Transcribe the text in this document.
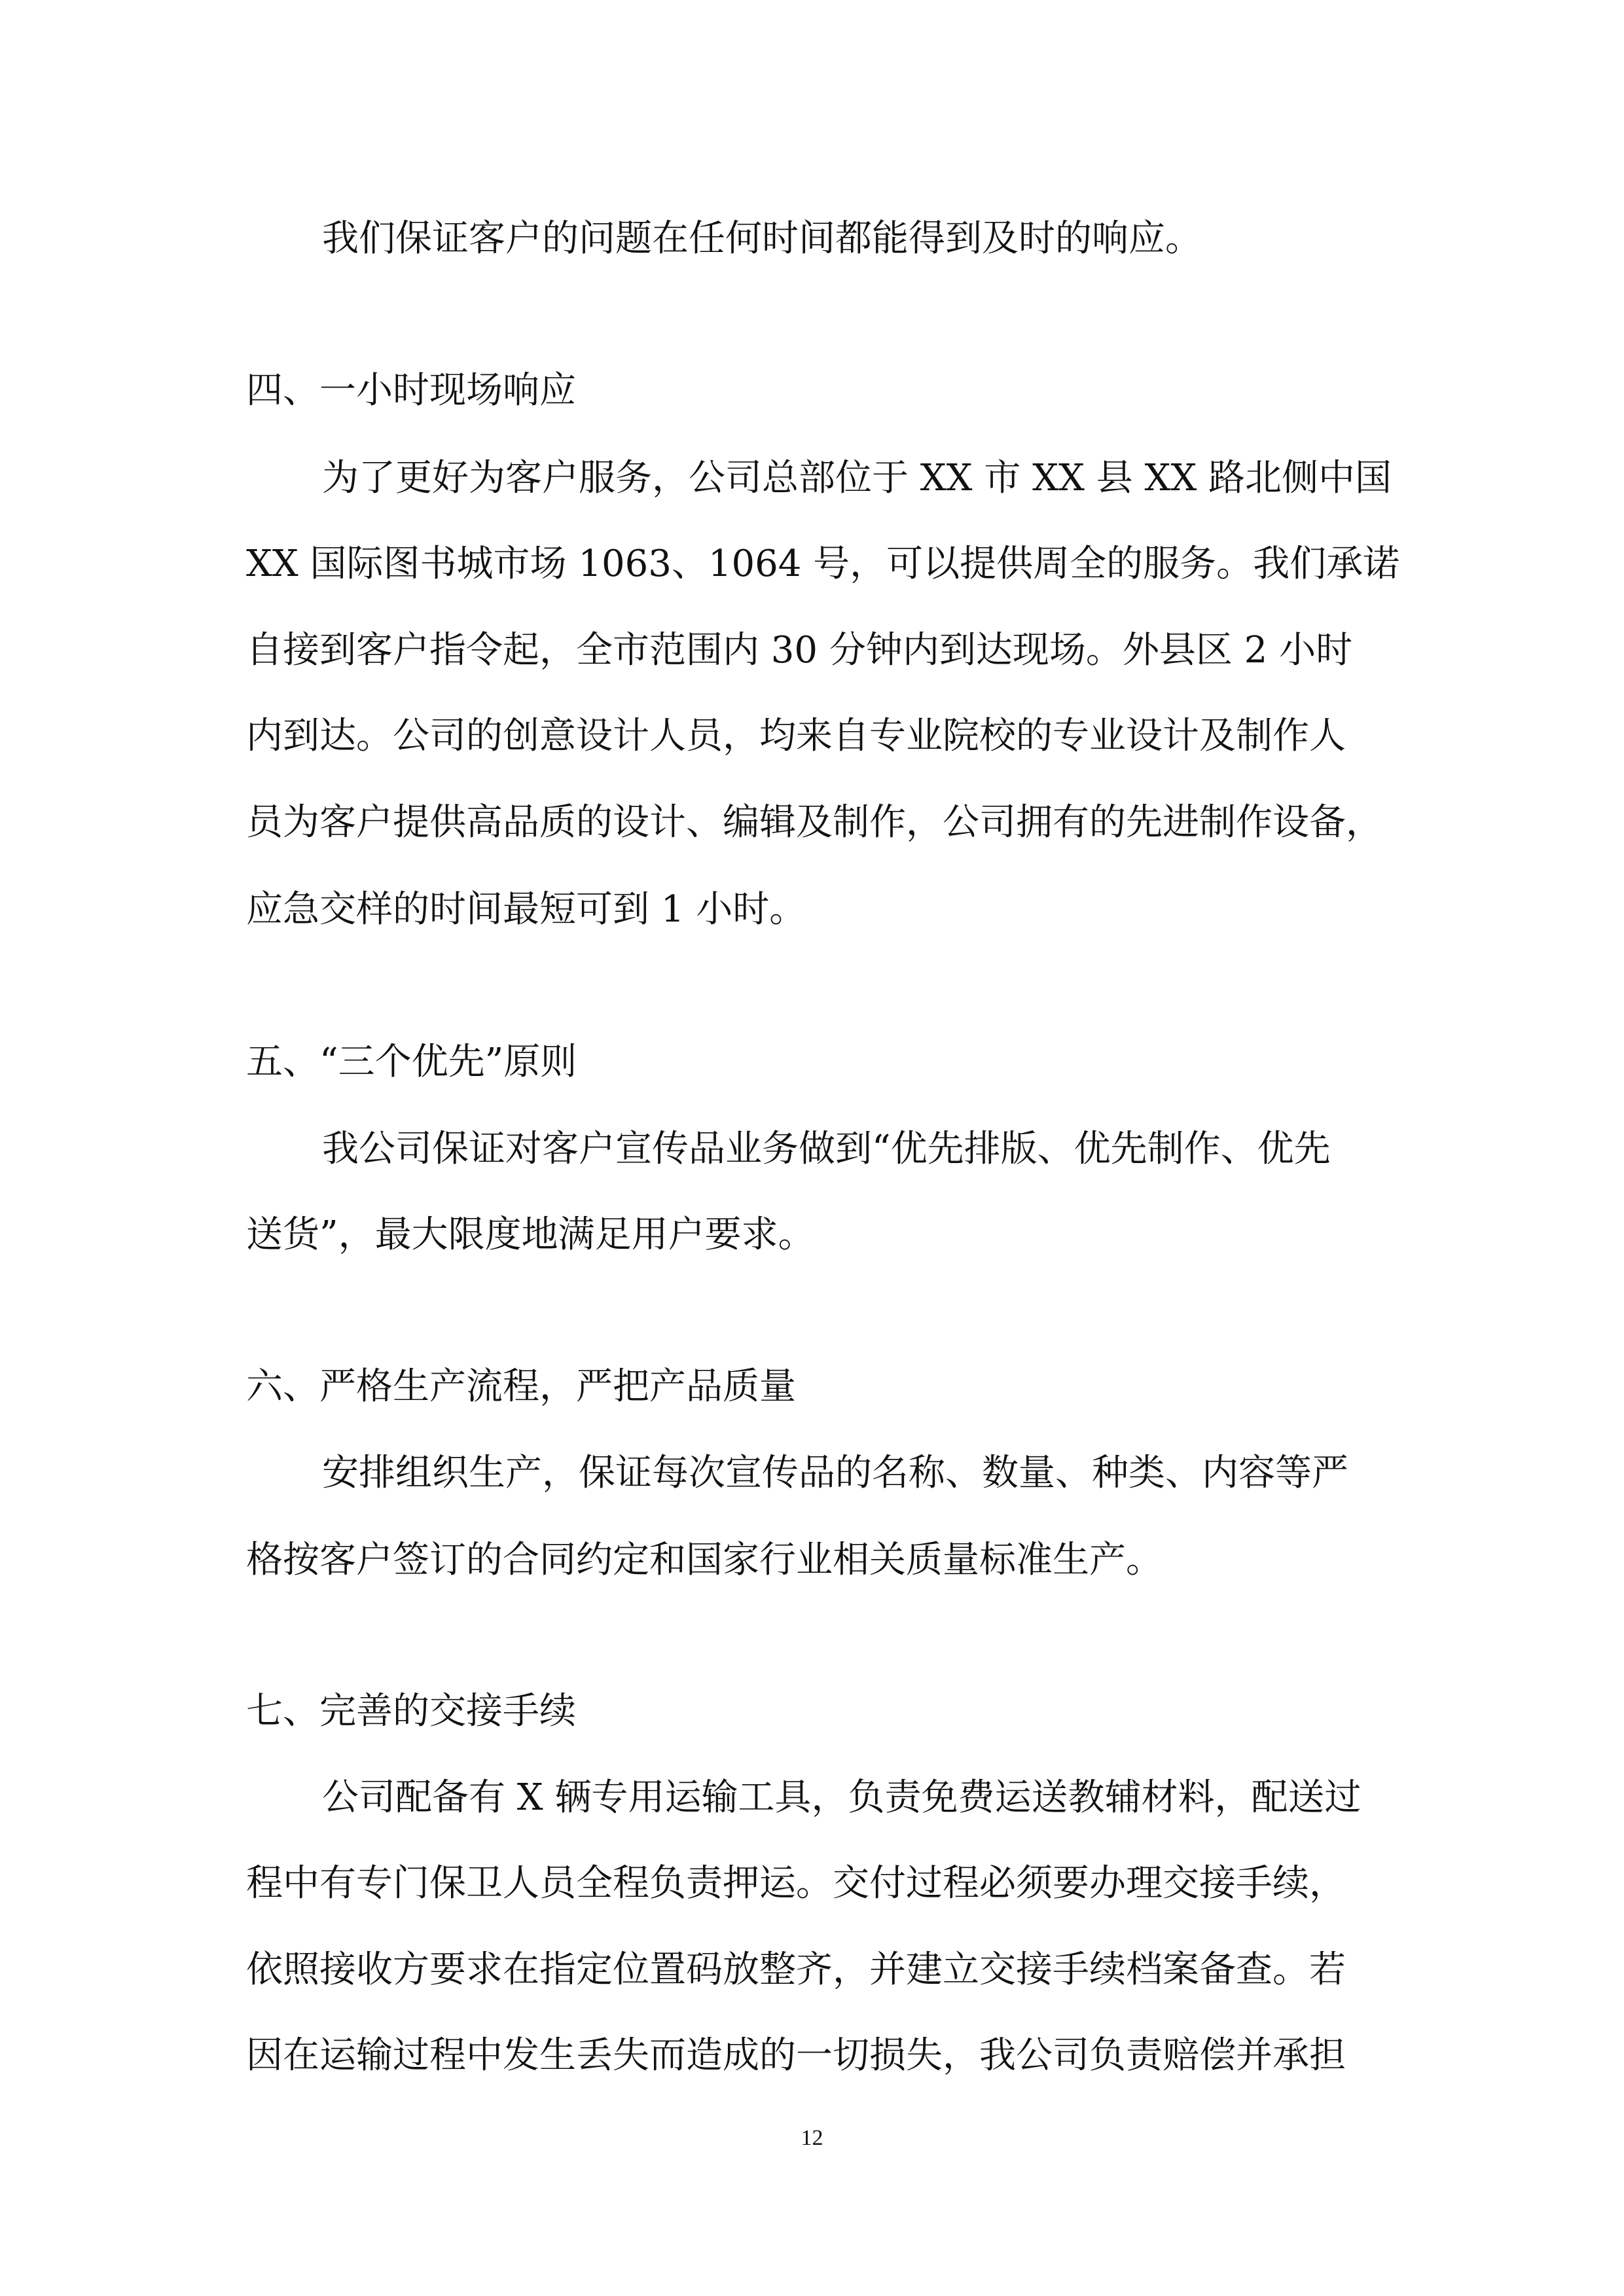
我们保证客户的问题在任何时间都能得到及时的响应。
四、一小时现场响应
为了更好为客户服务，公司总部位于 XX 市 XX 县 XX 路北侧中国
XX 国际图书城市场 1063、1064 号，可以提供周全的服务。我们承诺
自接到客户指令起，全市范围内 30 分钟内到达现场。外县区 2 小时
内到达。公司的创意设计人员，均来自专业院校的专业设计及制作人
员为客户提供高品质的设计、编辑及制作，公司拥有的先进制作设备，
应急交样的时间最短可到 1 小时。
五、“三个优先”原则
我公司保证对客户宣传品业务做到“优先排版、优先制作、优先
送货”，最大限度地满足用户要求。
六、严格生产流程，严把产品质量
安排组织生产，保证每次宣传品的名称、数量、种类、内容等严
格按客户签订的合同约定和国家行业相关质量标准生产。
七、完善的交接手续
公司配备有 X 辆专用运输工具，负责免费运送教辅材料，配送过
程中有专门保卫人员全程负责押运。交付过程必须要办理交接手续，
依照接收方要求在指定位置码放整齐，并建立交接手续档案备查。若
因在运输过程中发生丢失而造成的一切损失，我公司负责赔偿并承担
12
